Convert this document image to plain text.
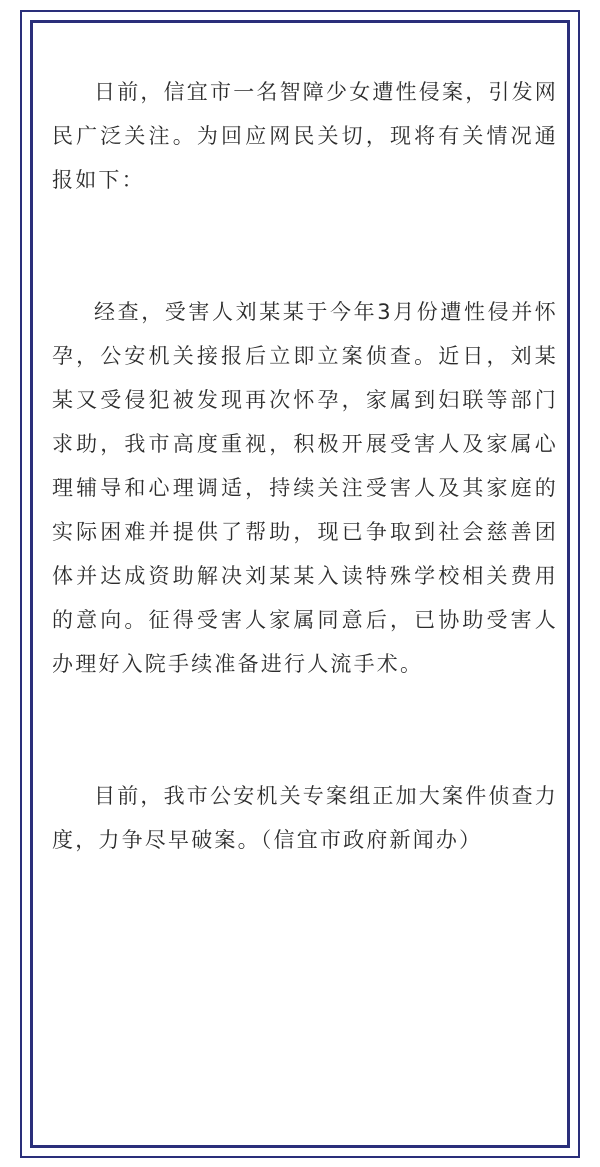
日前，信宜市一名智障少女遭性侵案，引发网民广泛关注。为回应网民关切，现将有关情况通报如下：

经查，受害人刘某某于今年3月份遭性侵并怀孕，公安机关接报后立即立案侦查。近日，刘某某又受侵犯被发现再次怀孕，家属到妇联等部门求助，我市高度重视，积极开展受害人及家属心理辅导和心理调适，持续关注受害人及其家庭的实际困难并提供了帮助，现已争取到社会慈善团体并达成资助解决刘某某入读特殊学校相关费用的意向。征得受害人家属同意后，已协助受害人办理好入院手续准备进行人流手术。

目前，我市公安机关专案组正加大案件侦查力度，力争尽早破案。（信宜市政府新闻办）
